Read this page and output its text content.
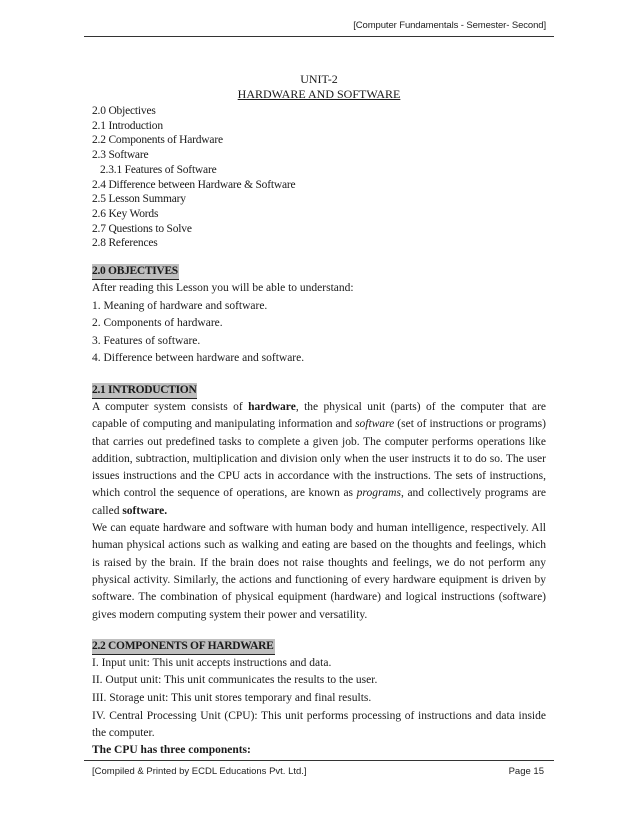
[Computer Fundamentals - Semester- Second]
UNIT-2
HARDWARE AND SOFTWARE
2.0 Objectives
2.1 Introduction
2.2 Components of Hardware
2.3 Software
2.3.1 Features of Software
2.4 Difference between Hardware & Software
2.5 Lesson Summary
2.6 Key Words
2.7 Questions to Solve
2.8 References
2.0 OBJECTIVES
After reading this Lesson you will be able to understand:
1. Meaning of hardware and software.
2. Components of hardware.
3. Features of software.
4. Difference between hardware and software.
2.1 INTRODUCTION
A computer system consists of hardware, the physical unit (parts) of the computer that are capable of computing and manipulating information and software (set of instructions or programs) that carries out predefined tasks to complete a given job. The computer performs operations like addition, subtraction, multiplication and division only when the user instructs it to do so. The user issues instructions and the CPU acts in accordance with the instructions. The sets of instructions, which control the sequence of operations, are known as programs, and collectively programs are called software.
We can equate hardware and software with human body and human intelligence, respectively. All human physical actions such as walking and eating are based on the thoughts and feelings, which is raised by the brain. If the brain does not raise thoughts and feelings, we do not perform any physical activity. Similarly, the actions and functioning of every hardware equipment is driven by software. The combination of physical equipment (hardware) and logical instructions (software) gives modern computing system their power and versatility.
2.2 COMPONENTS OF HARDWARE
I. Input unit: This unit accepts instructions and data.
II. Output unit: This unit communicates the results to the user.
III. Storage unit: This unit stores temporary and final results.
IV. Central Processing Unit (CPU): This unit performs processing of instructions and data inside the computer.
The CPU has three components:
[Compiled & Printed by ECDL Educations Pvt. Ltd.]	Page 15
